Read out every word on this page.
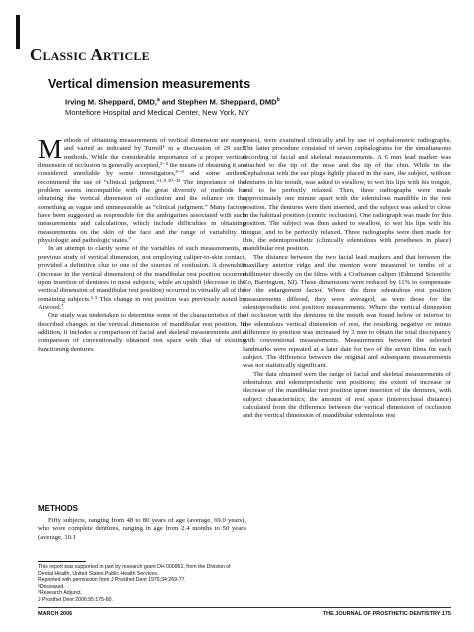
Classic Article
Vertical dimension measurements
Irving M. Sheppard, DMD,$^a$ and Stephen M. Sheppard, DMD$^b$
Montefiore Hospital and Medical Center, New York, NY

Methods of obtaining measurements of vertical dimension are many and varied as indicated by Turrell¹ in a discussion of 29 such methods. While the considerable importance of a proper vertical dimension of occlusion is generally accepted,²⁻⁴ the means of obtaining it are considered unreliable by some investigators,⁵⁻⁹ and some authors recommend the use of “clinical judgment.”¹·⁸·¹⁰⁻¹² The importance of the problem seems incompatible with the great diversity of methods for obtaining the vertical dimension of occlusion and the reliance on the something as vague and unmeasurable as “clinical judgment.” Many factors have been suggested as responsible for the ambiguities associated with such measurements and calculations, which include difficulties in obtaining measurements on the skin of the face and the range of variability in physiologic and pathologic states.⁷

In an attempt to clarify some of the variables of such measurements, a previous study of vertical dimension, not employing caliper-to-skin contact, provided a definitive clue to one of the sources of confusion. A downshift (increase in the vertical dimension) of the mandibular rest position occurred upon insertion of dentures in most subjects, while an upshift (decrease in the vertical dimension of mandibular rest position) occurred in virtually all of the remaining subjects.³·⁵ This change in rest position was previously noted by Atwood.⁷

Our study was undertaken to determine some of the characteristics of the described changes in the vertical dimension of mandibular rest position. In addition, it includes a comparison of facial and skeletal measurements and a comparison of conventionally obtained rest space with that of existing functioning dentures.

METHODS
Fifty subjects, ranging from 48 to 80 years of age (average, 69.0 years), who wore complete dentures, ranging in age from 2.4 months to 50 years (average, 10.1
This report was supported in part by research grant DH 000961, from the Division of Dental Health, United States Public Health Services.
Reprinted with permission from J Prosthet Dent 1975;34:269-77.
ᵃDeceased.
ᵇResearch Adjunct.
J Prosthet Dent 2006;95:175-80.

years), were examined clinically and by use of cephalometric radiographs. The latter procedure consisted of seven cephalograms for the simultaneous recording of facial and skeletal measurements. A 6 mm lead marker was attached to the tip of the nose and the tip of the chin. While in the Cephalostat with the ear plugs lightly placed in the ears, the subject, without dentures in his mouth, was asked to swallow, to wet his lips with his tongue, and to be perfectly relaxed. Then, three radiographs were made approximately one minute apart with the edentulous mandible in the rest position. The dentures were then inserted, and the subject was asked to close in the habitual position (centric occlusion). One radiograph was made for this position. The subject was then asked to swallow, to wet his lips with his tongue, and to be perfectly relaxed. Three radiographs were then made for this, the edentoprosthetic (clinically edentulous with prostheses in place) mandibular rest position.

The distance between the two facial lead markers and that between the maxillary anterior ridge and the menton were measured to tenths of a millimeter directly on the films with a Craftsman caliper (Edmund Scientific Co, Barrington, NJ). These dimensions were reduced by 11% to compensate for the enlargement factor. Where the three edentulous rest position measurements differed, they were averaged, as were those for the edentoprosthetic rest position measurements. Where the vertical dimension of occlusion with the dentures in the mouth was found below or inferior to the edentulous vertical dimension of rest, the resulting negative or minus difference in position was increased by 3 mm to obtain the total discrepancy with conventional measurements. Measurements between the selected landmarks were repeated at a later date for two of the seven films for each subject. The difference between the original and subsequent measurements was not statistically significant.

The data obtained were the range of facial and skeletal measurements of edentulous and edentoprosthetic rest positions; the extent of increase or decrease of the mandibular rest position upon insertion of the dentures, with subject characteristics; the amount of rest space (interocclusal distance) calculated from the difference between the vertical dimension of occlusion and the vertical dimension of mandibular edentulous rest

MARCH 2006	THE JOURNAL OF PROSTHETIC DENTISTRY 175
